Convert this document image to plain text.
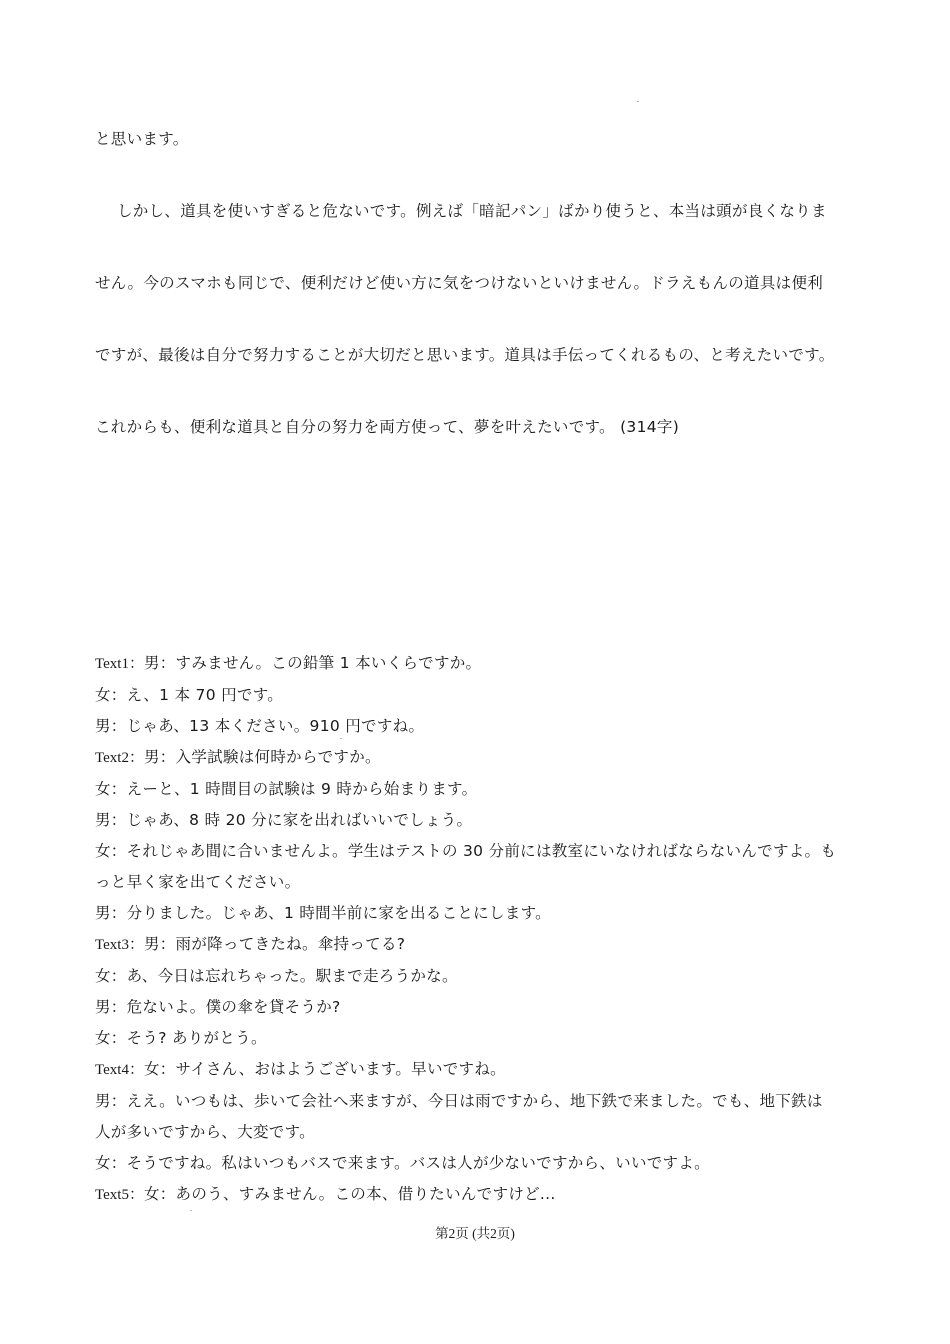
と思います。
しかし、道具を使いすぎると危ないです。例えば「暗記パン」ばかり使うと、本当は頭が良くなりま
せん。今のスマホも同じで、便利だけど使い方に気をつけないといけません。ドラえもんの道具は便利
ですが、最後は自分で努力することが大切だと思います。道具は手伝ってくれるもの、と考えたいです。
これからも、便利な道具と自分の努力を両方使って、夢を叶えたいです。 (314字)
Text1：男：すみません。この鉛筆 1 本いくらですか。
女：え、1 本 70 円です。
男：じゃあ、13 本ください。910 円ですね。
Text2：男：入学試験は何時からですか。
女：えーと、1 時間目の試験は 9 時から始まります。
男：じゃあ、8 時 20 分に家を出ればいいでしょう。
女：それじゃあ間に合いませんよ。学生はテストの 30 分前には教室にいなければならないんですよ。も
っと早く家を出てください。
男：分りました。じゃあ、1 時間半前に家を出ることにします。
Text3：男：雨が降ってきたね。傘持ってる?
女：あ、今日は忘れちゃった。駅まで走ろうかな。
男：危ないよ。僕の傘を貸そうか?
女：そう? ありがとう。
Text4：女：サイさん、おはようございます。早いですね。
男：ええ。いつもは、歩いて会社へ来ますが、今日は雨ですから、地下鉄で来ました。でも、地下鉄は
人が多いですから、大変です。
女：そうですね。私はいつもバスで来ます。バスは人が少ないですから、いいですよ。
Text5：女：あのう、すみません。この本、借りたいんですけど...
第2页 (共2页)
